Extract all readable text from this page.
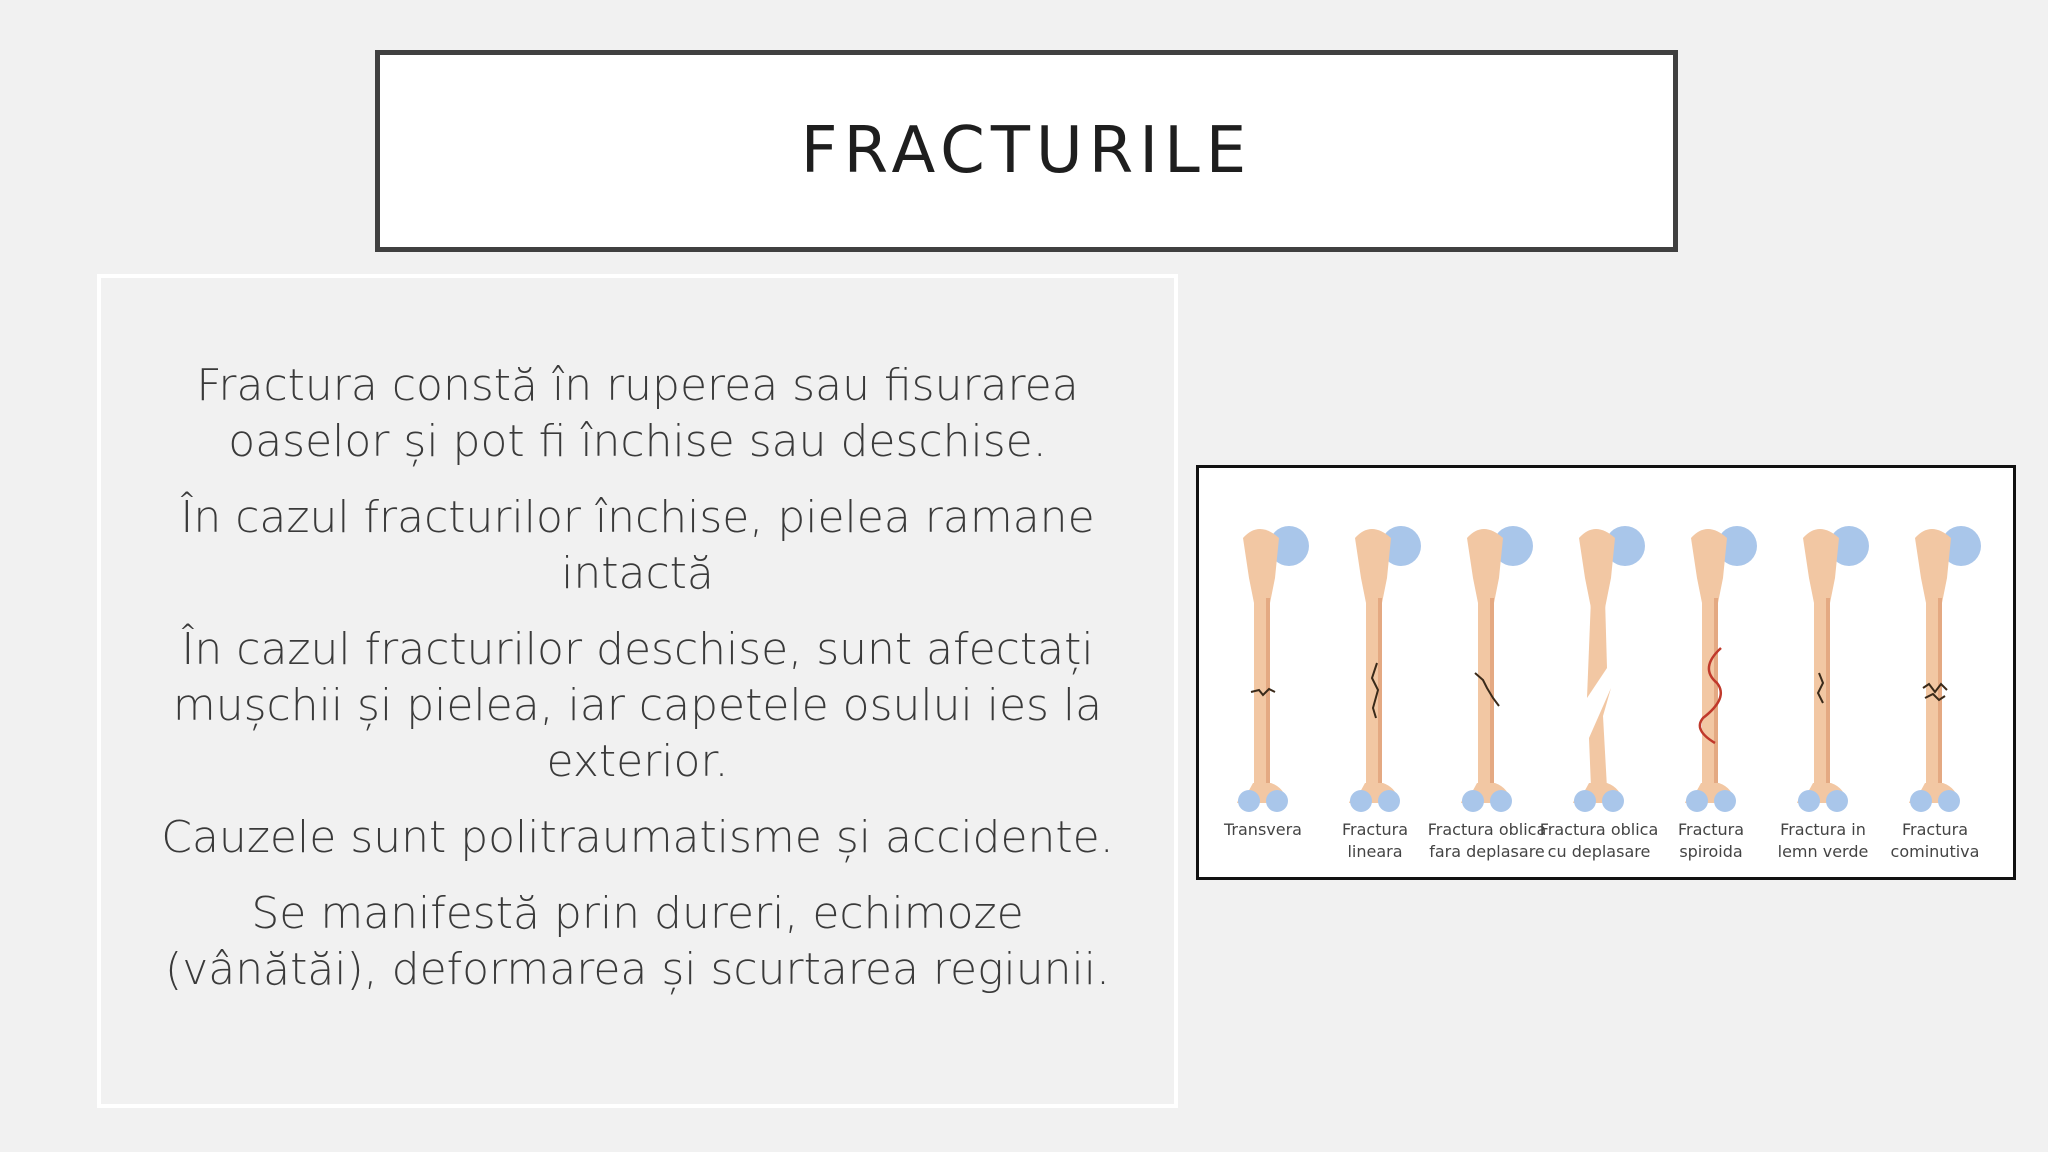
FRACTURILE

Fractura constă în ruperea sau fisurarea oaselor și pot fi închise sau deschise.

În cazul fracturilor închise, pielea ramane intactă

În cazul fracturilor deschise, sunt afectați mușchii și pielea, iar capetele osului ies la exterior.

Cauzele sunt politraumatisme și accidente.

Se manifestă prin dureri, echimoze (vânătăi), deformarea și scurtarea regiunii.

Transvera	Fractura
lineara
Fractura oblica
fara deplasare
Fractura oblica
cu deplasare
Fractura
spiroida
Fractura in
lemn verde
Fractura
cominutiva
